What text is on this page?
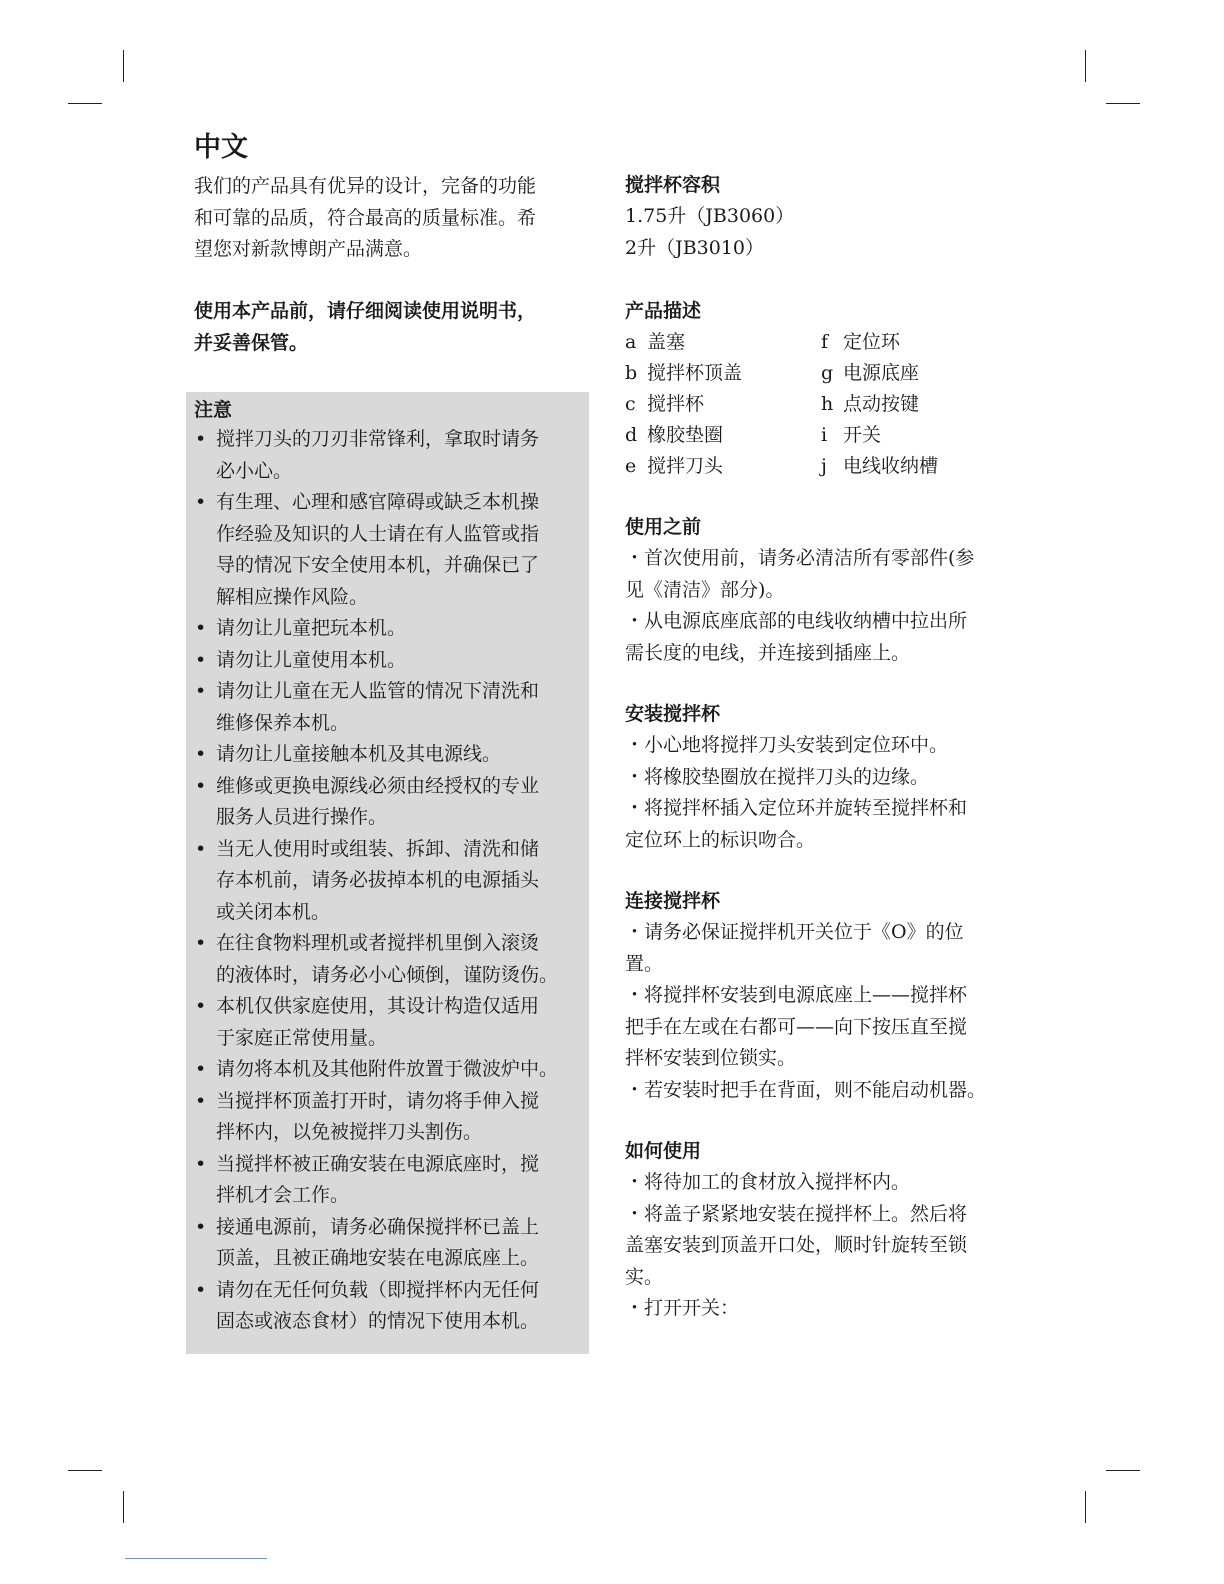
中文

我们的产品具有优异的设计，完备的功能

和可靠的品质，符合最高的质量标准。希

望您对新款博朗产品满意。

使用本产品前，请仔细阅读使用说明书，
并妥善保管。
注意
• 搅拌刀头的刀刃非常锋利，拿取时请务
必小心。
• 有生理、心理和感官障碍或缺乏本机操
作经验及知识的人士请在有人监管或指
导的情况下安全使用本机，并确保已了
解相应操作风险。
• 请勿让儿童把玩本机。
• 请勿让儿童使用本机。
• 请勿让儿童在无人监管的情况下清洗和
维修保养本机。
• 请勿让儿童接触本机及其电源线。
• 维修或更换电源线必须由经授权的专业
服务人员进行操作。
• 当无人使用时或组装、拆卸、清洗和储
存本机前，请务必拔掉本机的电源插头
或关闭本机。
• 在往食物料理机或者搅拌机里倒入滚烫
的液体时，请务必小心倾倒，谨防烫伤。
• 本机仅供家庭使用，其设计构造仅适用
于家庭正常使用量。
• 请勿将本机及其他附件放置于微波炉中。
• 当搅拌杯顶盖打开时，请勿将手伸入搅
拌杯内，以免被搅拌刀头割伤。
• 当搅拌杯被正确安装在电源底座时，搅
拌机才会工作。
• 接通电源前，请务必确保搅拌杯已盖上
顶盖，且被正确地安装在电源底座上。
• 请勿在无任何负载（即搅拌杯内无任何
固态或液态食材）的情况下使用本机。
搅拌杯容积

1.75升（JB3060）

2升（JB3010）

产品描述
a 盖塞
b 搅拌杯顶盖
c 搅拌杯
d 橡胶垫圈
e 搅拌刀头
f 定位环
g 电源底座
h 点动按键
i 开关
j 电线收纳槽
使用之前

・首次使用前，请务必清洁所有零部件(参

见《清洁》部分)。

・从电源底座底部的电线收纳槽中拉出所

需长度的电线，并连接到插座上。

安装搅拌杯

・小心地将搅拌刀头安装到定位环中。

・将橡胶垫圈放在搅拌刀头的边缘。

・将搅拌杯插入定位环并旋转至搅拌杯和

定位环上的标识吻合。

连接搅拌杯

・请务必保证搅拌机开关位于《O》的位

置。

・将搅拌杯安装到电源底座上——搅拌杯

把手在左或在右都可——向下按压直至搅

拌杯安装到位锁实。

・若安装时把手在背面，则不能启动机器。

如何使用

・将待加工的食材放入搅拌杯内。

・将盖子紧紧地安装在搅拌杯上。然后将

盖塞安装到顶盖开口处，顺时针旋转至锁

实。

・打开开关：
